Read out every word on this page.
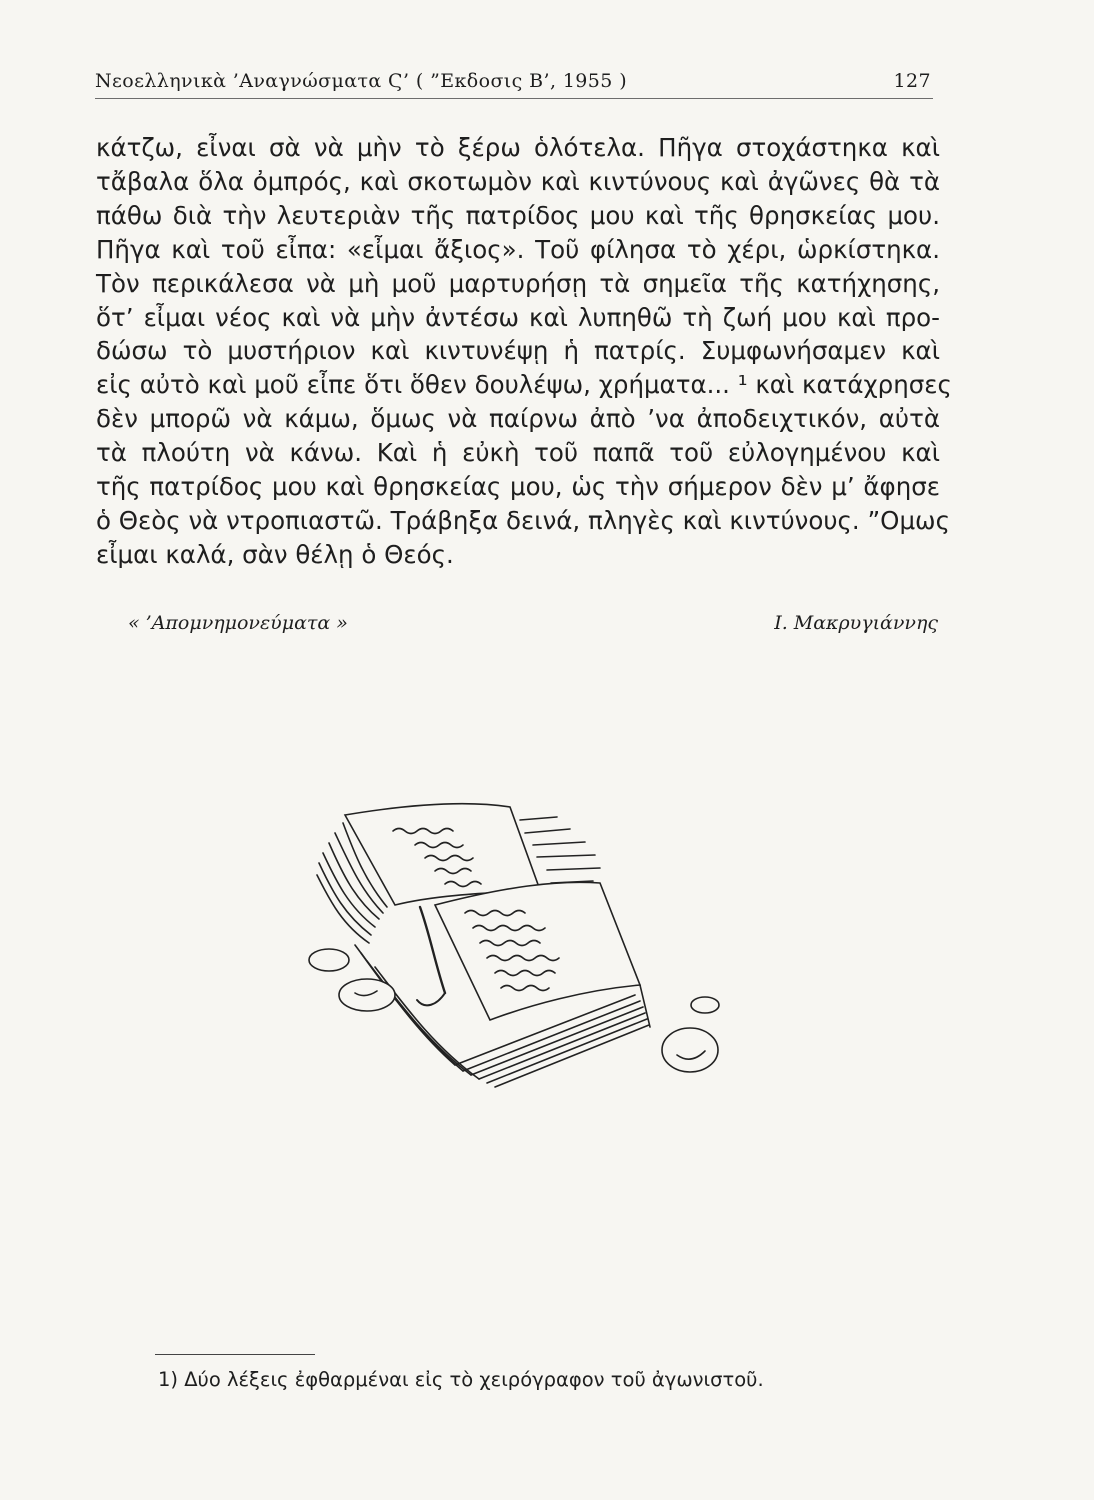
Νεοελληνικὰ ’Αναγνώσματα Ϛ’ ( ”Εκδοσις Β’, 1955 )	127
κάτζω, εἶναι σὰ νὰ μὴν τὸ ξέρω ὁλότελα. Πῆγα στοχάστηκα καὶ
τἄβαλα ὅλα ὀμπρός, καὶ σκοτωμὸν καὶ κιντύνους καὶ ἀγῶνες θὰ τὰ
πάθω διὰ τὴν λευτεριὰν τῆς πατρίδος μου καὶ τῆς θρησκείας μου.
Πῆγα καὶ τοῦ εἶπα: «εἶμαι ἄξιος». Τοῦ φίλησα τὸ χέρι, ὡρκίστηκα.
Τὸν περικάλεσα νὰ μὴ μοῦ μαρτυρήσῃ τὰ σημεῖα τῆς κατήχησης,
ὅτ’ εἶμαι νέος καὶ νὰ μὴν ἀντέσω καὶ λυπηθῶ τὴ ζωή μου καὶ προ-
δώσω τὸ μυστήριον καὶ κιντυνέψῃ ἡ πατρίς. Συμφωνήσαμεν καὶ
εἰς αὐτὸ καὶ μοῦ εἶπε ὅτι ὅθεν δουλέψω, χρήματα... ¹ καὶ κατάχρησες
δὲν μπορῶ νὰ κάμω, ὅμως νὰ παίρνω ἀπὸ ’να ἀποδειχτικόν, αὐτὰ
τὰ πλούτη νὰ κάνω. Καὶ ἡ εὐκὴ τοῦ παπᾶ τοῦ εὐλογημένου καὶ
τῆς πατρίδος μου καὶ θρησκείας μου, ὡς τὴν σήμερον δὲν μ’ ἄφησε
ὁ Θεὸς νὰ ντροπιαστῶ. Τράβηξα δεινά, πληγὲς καὶ κιντύνους. ”Ομως
εἶμαι καλά, σὰν θέλῃ ὁ Θεός.
« ’Απομνημονεύματα »	Ι. Μακρυγιάννης
1) Δύο λέξεις ἐφθαρμέναι εἰς τὸ χειρόγραφον τοῦ ἀγωνιστοῦ.
